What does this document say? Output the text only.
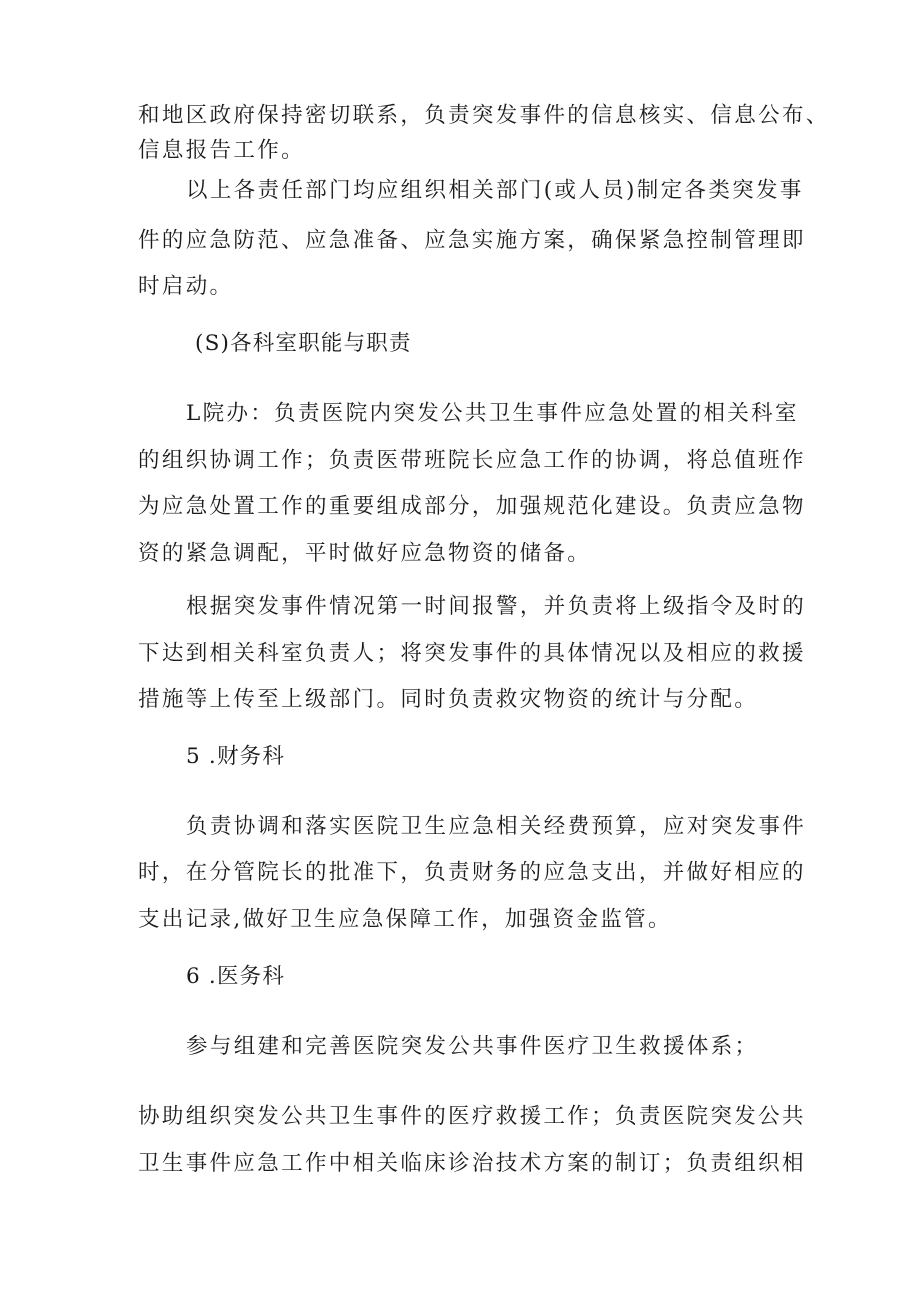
和地区政府保持密切联系，负责突发事件的信息核实、信息公布、
信息报告工作。
以上各责任部门均应组织相关部门(或人员)制定各类突发事
件的应急防范、应急准备、应急实施方案，确保紧急控制管理即
时启动。
(S)各科室职能与职责
L院办：负责医院内突发公共卫生事件应急处置的相关科室
的组织协调工作；负责医带班院长应急工作的协调，将总值班作
为应急处置工作的重要组成部分，加强规范化建设。负责应急物
资的紧急调配，平时做好应急物资的储备。
根据突发事件情况第一时间报警，并负责将上级指令及时的
下达到相关科室负责人；将突发事件的具体情况以及相应的救援
措施等上传至上级部门。同时负责救灾物资的统计与分配。
5 .财务科
负责协调和落实医院卫生应急相关经费预算，应对突发事件
时，在分管院长的批准下，负责财务的应急支出，并做好相应的
支出记录,做好卫生应急保障工作，加强资金监管。
6 .医务科
参与组建和完善医院突发公共事件医疗卫生救援体系；
协助组织突发公共卫生事件的医疗救援工作；负责医院突发公共
卫生事件应急工作中相关临床诊治技术方案的制订；负责组织相
